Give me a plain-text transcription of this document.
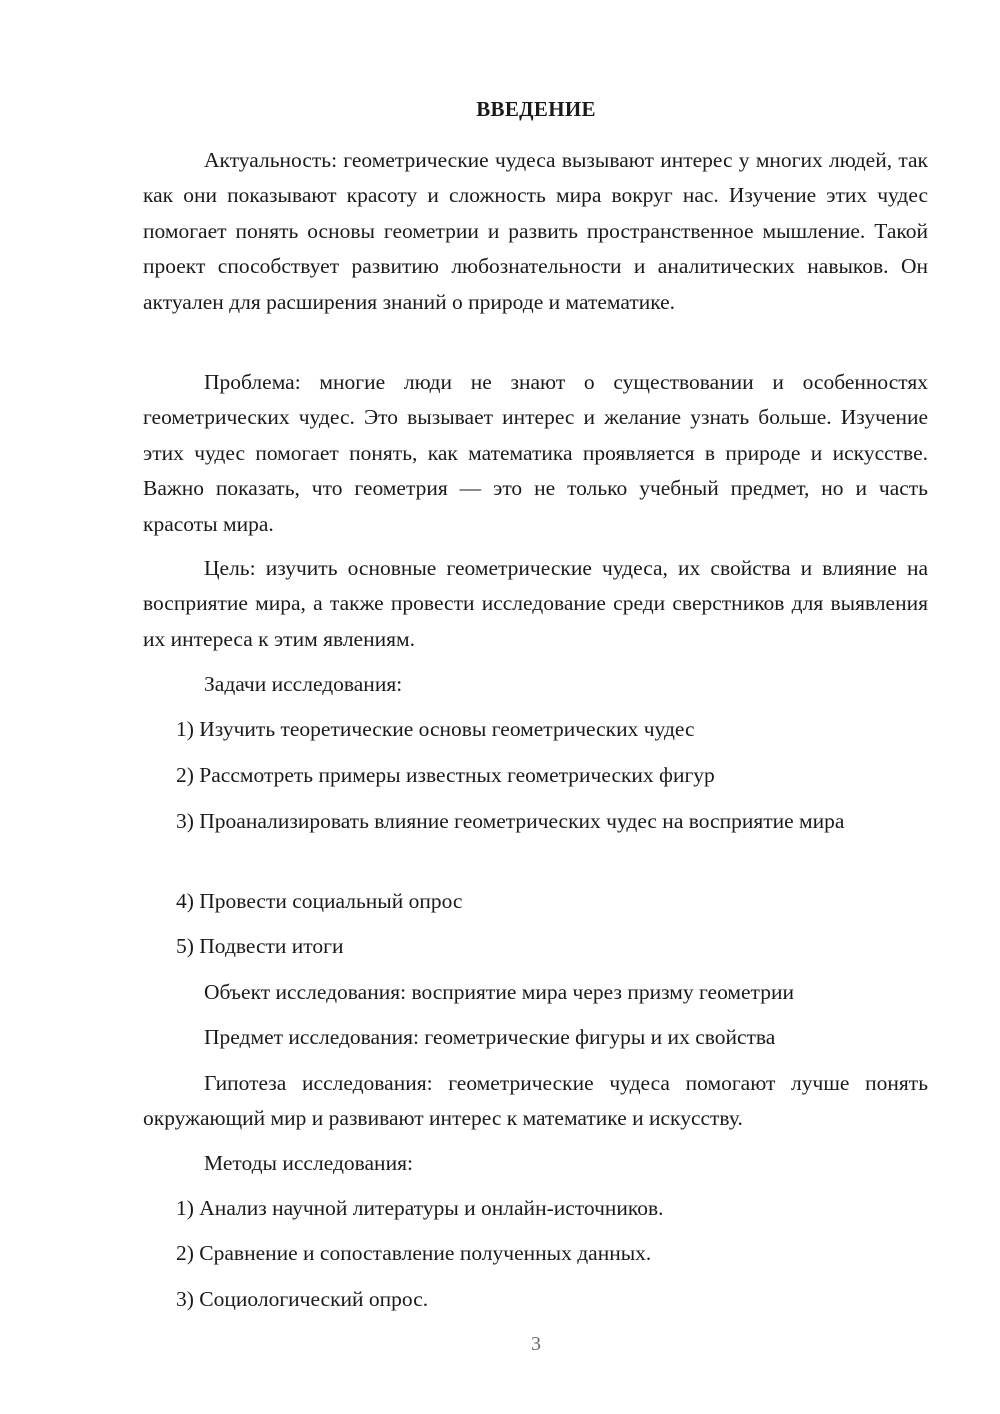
ВВЕДЕНИЕ

Актуальность: геометрические чудеса вызывают интерес у многих людей, так как они показывают красоту и сложность мира вокруг нас. Изучение этих чудес помогает понять основы геометрии и развить пространственное мышление. Такой проект способствует развитию любознательности и аналитических навыков. Он актуален для расширения знаний о природе и математике.

Проблема: многие люди не знают о существовании и особенностях геометрических чудес. Это вызывает интерес и желание узнать больше. Изучение этих чудес помогает понять, как математика проявляется в природе и искусстве. Важно показать, что геометрия — это не только учебный предмет, но и часть красоты мира.

Цель: изучить основные геометрические чудеса, их свойства и влияние на восприятие мира, а также провести исследование среди сверстников для выявления их интереса к этим явлениям.

Задачи исследования:

1) Изучить теоретические основы геометрических чудес

2) Рассмотреть примеры известных геометрических фигур

3) Проанализировать влияние геометрических чудес на восприятие мира

4) Провести социальный опрос

5) Подвести итоги

Объект исследования: восприятие мира через призму геометрии

Предмет исследования: геометрические фигуры и их свойства

Гипотеза исследования: геометрические чудеса помогают лучше понять окружающий мир и развивают интерес к математике и искусству.

Методы исследования:

1) Анализ научной литературы и онлайн-источников.

2) Сравнение и сопоставление полученных данных.

3) Социологический опрос.

3
